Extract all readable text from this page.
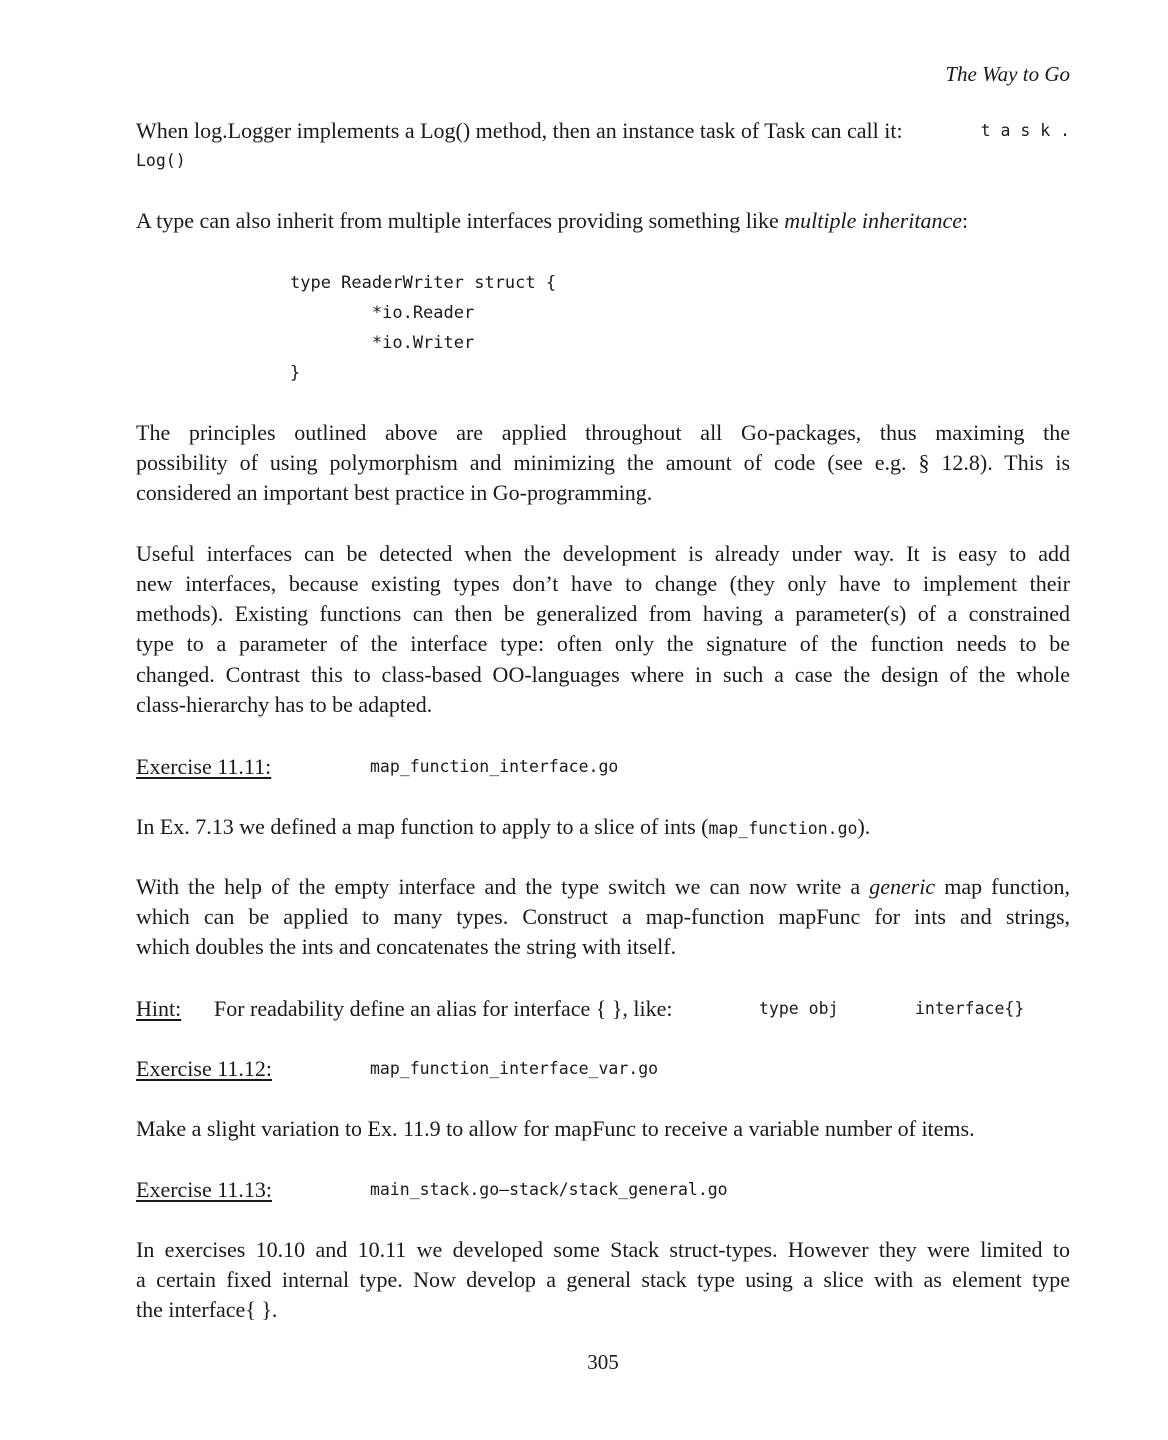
The Way to Go
When log.Logger implements a Log() method, then an instance task of Task can call it:	t a s k .
Log()
A type can also inherit from multiple interfaces providing something like multiple inheritance:
type ReaderWriter struct {
*io.Reader
*io.Writer
}
The principles outlined above are applied throughout all Go-packages, thus maximing the
possibility of using polymorphism and minimizing the amount of code (see e.g. § 12.8). This is
considered an important best practice in Go-programming.
Useful interfaces can be detected when the development is already under way. It is easy to add
new interfaces, because existing types don’t have to change (they only have to implement their
methods). Existing functions can then be generalized from having a parameter(s) of a constrained
type to a parameter of the interface type: often only the signature of the function needs to be
changed. Contrast this to class-based OO-languages where in such a case the design of the whole
class-hierarchy has to be adapted.
Exercise 11.11:	map_function_interface.go
In Ex. 7.13 we defined a map function to apply to a slice of ints (map_function.go).
With the help of the empty interface and the type switch we can now write a generic map function,
which can be applied to many types. Construct a map-function mapFunc for ints and strings,
which doubles the ints and concatenates the string with itself.
Hint: For readability define an alias for interface { }, like:	type obj	interface{}
Exercise 11.12:	map_function_interface_var.go
Make a slight variation to Ex. 11.9 to allow for mapFunc to receive a variable number of items.
Exercise 11.13:	main_stack.go—stack/stack_general.go
In exercises 10.10 and 10.11 we developed some Stack struct-types. However they were limited to
a certain fixed internal type. Now develop a general stack type using a slice with as element type
the interface{ }.
305
